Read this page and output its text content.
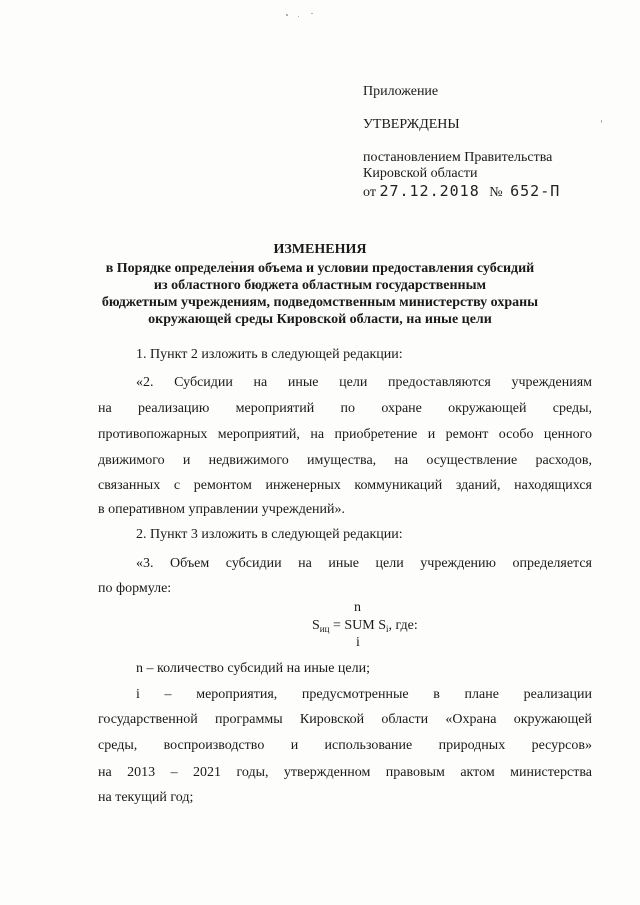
Приложение
УТВЕРЖДЕНЫ
постановлением Правительства
Кировской области
от 27.12.2018 № 652-П
ИЗМЕНЕНИЯ
в Порядке определения объема и условии предоставления субсидий
из областного бюджета областным государственным
бюджетным учреждениям, подведомственным министерству охраны
окружающей среды Кировской области, на иные цели
1. Пункт 2 изложить в следующей редакции:
«2. Субсидии на иные цели предоставляются учреждениям
на реализацию мероприятий по охране окружающей среды,
противопожарных мероприятий, на приобретение и ремонт особо ценного
движимого и недвижимого имущества, на осуществление расходов,
связанных с ремонтом инженерных коммуникаций зданий, находящихся
в оперативном управлении учреждений».
2. Пункт 3 изложить в следующей редакции:
«3. Объем субсидии на иные цели учреждению определяется
по формуле:
n
$S_{иц}$ = SUM $S_i$, где:
i
n – количество субсидий на иные цели;
i – мероприятия, предусмотренные в плане реализации
государственной программы Кировской области «Охрана окружающей
среды, воспроизводство и использование природных ресурсов»
на 2013 – 2021 годы, утвержденном правовым актом министерства
на текущий год;
